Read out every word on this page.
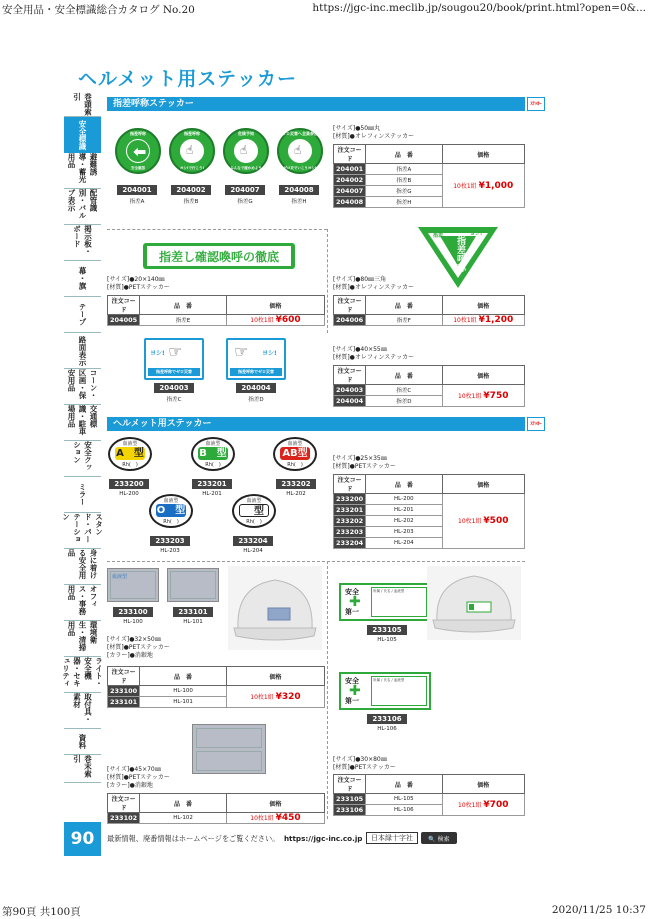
安全用品・安全標識総合カタログ No.20	https://jgc-inc.meclib.jp/sougou20/book/print.html?open=0&...
ヘルメット用ステッカー
巻頭索引
安全標識
避難誘導・蓄光用品
配管識別・バルブ表示
掲示板・ボード
幕・旗
テープ
路面表示
コーン・区画・保安用品
交通標識・駐車場用品
安全クッション
ミラー
スタンド・パーテーション
身に着ける安全用品
オフィス・事務用品
環境衛生・清掃用品
ライト・安全機器・セキュリティ
取付具・素材
資料
巻末索引
指差呼称ステッカー	ｽﾃｯｶｰ
⬅
指差呼称
安全確認
204001
指差A
☝
指差呼称
ヨシ!で行こう!
204002
指差B
☝
危険予知
みんなで確かめよう
204007
指差G
☝
ゼロ災害へ全員参加
ゼロ災でいこうヨシ!
204008
指差H
[サイズ]●50㎜丸
[材質]●オレフィンステッカー
注文コード	品　番	価格
204001	指差A	10枚1組 ¥1,000
204002	指差B	
204007	指差G	
204008	指差H	
指差し確認喚呼の徹底
[サイズ]●20×140㎜
[材質]●PETステッカー
注文コード	品　番	価格
204005	指差E	10枚1組 ¥600
指差呼称
ヨシ!
指差
[サイズ]●80㎜三角
[材質]●オレフィンステッカー
注文コード	品　番	価格
204006	指差F	10枚1組 ¥1,200
☞
ヨシ!
指差呼称でゼロ災害
204003
指差C
☞ ヨシ!
指差呼称でゼロ災害
204004
指差D
[サイズ]●40×55㎜
[材質]●オレフィンステッカー
注文コード	品　番	価格
204003	指差C	10枚1組 ¥750
204004	指差D	
ヘルメット用ステッカー	ｽﾃｯｶｰ
血液型
A　型
Rh(　)
233200
HL-200
血液型
B　型
Rh(　)
233201
HL-201
血液型
AB型
Rh(　)
233202
HL-202
血液型
O　型
Rh(　)
233203
HL-203
血液型
　型
Rh(　)
233204
HL-204
[サイズ]●25×35㎜
[材質]●PETステッカー
注文コード	品　番	価格
233200	HL-200	10枚1組 ¥500
233201	HL-201	
233202	HL-202	
233203	HL-203	
233204	HL-204	
血液型
233100
HL-100
233101
HL-101
[サイズ]●32×50㎜
[材質]●PETステッカー
[カラー]●消銀地
注文コード	品　番	価格
233100	HL-100	10枚1組 ¥320
233101	HL-101	
安全
第一
✚
所属 / 氏名 / 血液型
233105
HL-105
安全
第一
✚
所属 / 氏名 / 血液型
233106
HL-106
[サイズ]●45×70㎜
[材質]●PETステッカー
[カラー]●消銀地
注文コード	品　番	価格
233102	HL-102	10枚1組 ¥450
[サイズ]●30×80㎜
[材質]●PETステッカー
注文コード	品　番	価格
233105	HL-105	10枚1組 ¥700
233106	HL-106	
90	最新情報、廃番情報はホームページをご覧ください。 https://jgc-inc.co.jp	日本緑十字社	🔍 検索
第90頁 共100頁	2020/11/25 10:37
